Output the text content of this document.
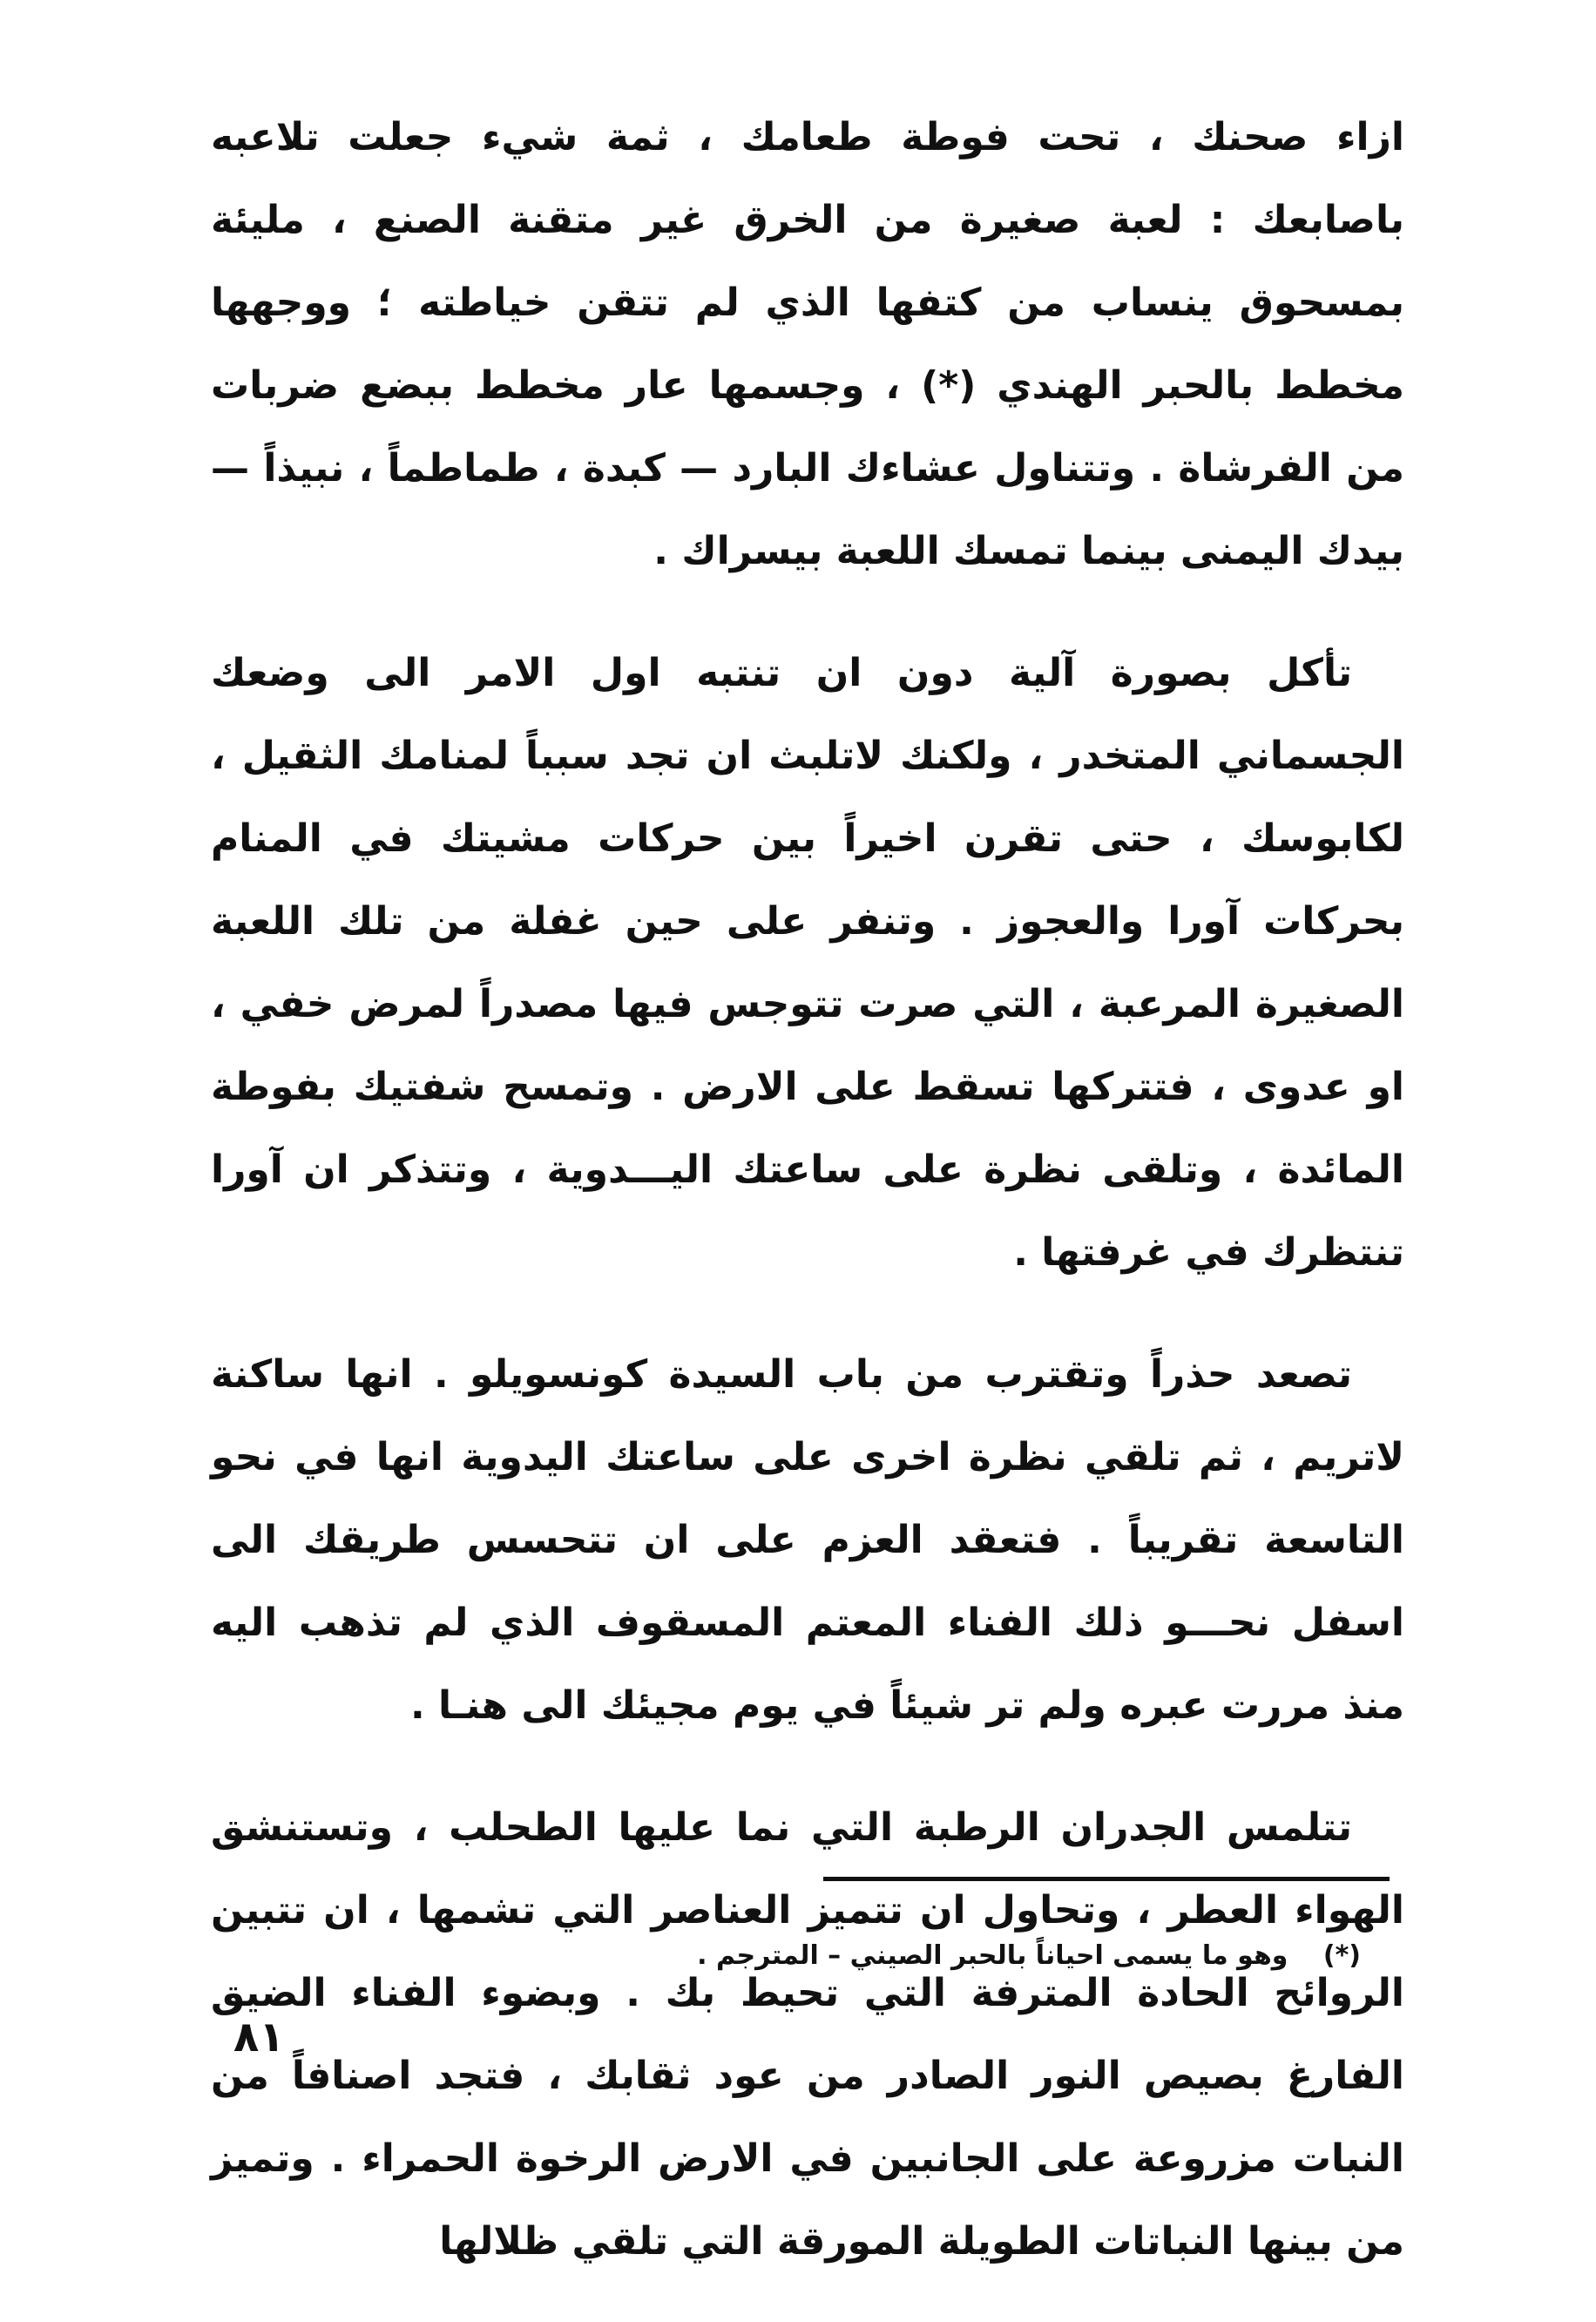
ازاء صحنك ، تحت فوطة طعامك ، ثمة شيء جعلت تلاعبه باصابعك : لعبة صغيرة من الخرق غير متقنة الصنع ، مليئة بمسحوق ينساب من كتفها الذي لم تتقن خياطته ؛ ووجهها مخطط بالحبر الهندي (*) ، وجسمها عار مخطط ببضع ضربات من الفرشاة . وتتناول عشاءك البارد — كبدة ، طماطماً ، نبيذاً — بيدك اليمنى بينما تمسك اللعبة بيسراك .

تأكل بصورة آلية دون ان تنتبه اول الامر الى وضعك الجسماني المتخدر ، ولكنك لاتلبث ان تجد سبباً لمنامك الثقيل ، لكابوسك ، حتى تقرن اخيراً بين حركات مشيتك في المنام بحركات آورا والعجوز . وتنفر على حين غفلة من تلك اللعبة الصغيرة المرعبة ، التي صرت تتوجس فيها مصدراً لمرض خفي ، او عدوى ، فتتركها تسقط على الارض . وتمسح شفتيك بفوطة المائدة ، وتلقى نظرة على ساعتك اليـــدوية ، وتتذكر ان آورا تنتظرك في غرفتها .

تصعد حذراً وتقترب من باب السيدة كونسويلو . انها ساكنة لاتريم ، ثم تلقي نظرة اخرى على ساعتك اليدوية انها في نحو التاسعة تقريباً . فتعقد العزم على ان تتحسس طريقك الى اسفل نحـــو ذلك الفناء المعتم المسقوف الذي لم تذهب اليه منذ مررت عبره ولم تر شيئاً في يوم مجيئك الى هنـا .

تتلمس الجدران الرطبة التي نما عليها الطحلب ، وتستنشق الهواء العطر ، وتحاول ان تتميز العناصر التي تشمها ، ان تتبين الروائح الحادة المترفة التي تحيط بك . وبضوء الفناء الضيق الفارغ بصيص النور الصادر من عود ثقابك ، فتجد اصنافاً من النبات مزروعة على الجانبين في الارض الرخوة الحمراء . وتميز من بينها النباتات الطويلة المورقة التي تلقي ظلالها

(*) وهو ما يسمى احياناً بالحبر الصيني – المترجم .
٨١
